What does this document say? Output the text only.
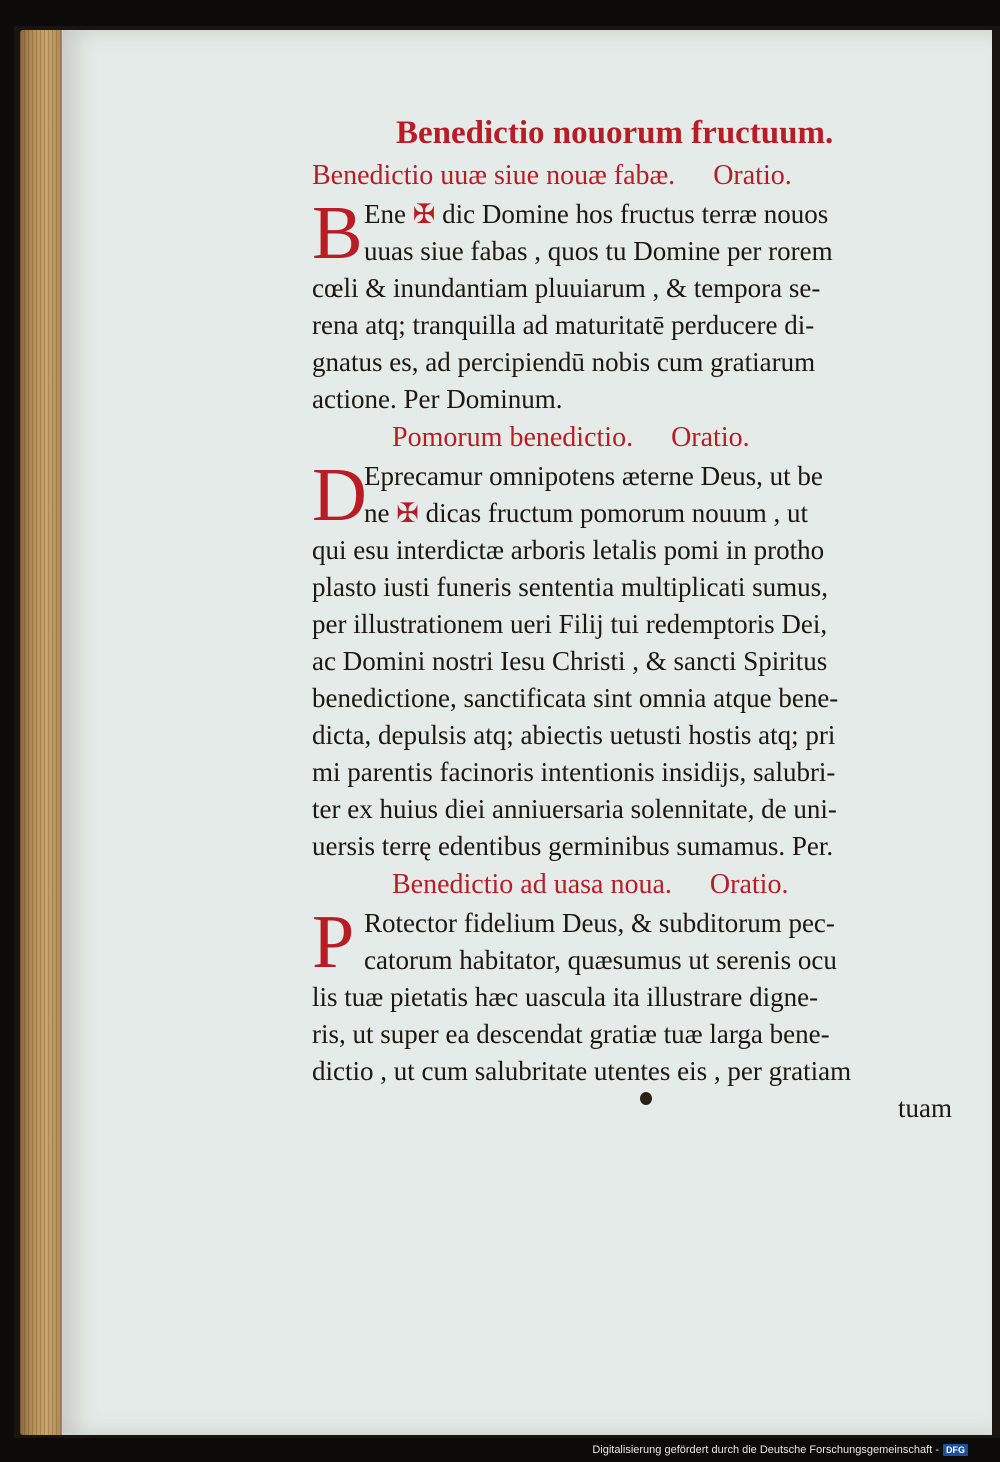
Benedictio nouorum fructuum.
Benedictio uuæ siue nouæ fabæ. Oratio.
B Ene ✠ dic Domine hos fructus terræ nouos
uuas siue fabas , quos tu Domine per rorem
cœli & inundantiam pluuiarum , & tempora se-
rena atq; tranquilla ad maturitatē perducere di-
gnatus es, ad percipiendū nobis cum gratiarum
actione. Per Dominum.
Pomorum benedictio. Oratio.
D
Eprecamur omnipotens æterne Deus, ut be
ne ✠ dicas fructum pomorum nouum , ut
qui esu interdictæ arboris letalis pomi in protho
plasto iusti funeris sententia multiplicati sumus,
per illustrationem ueri Filij tui redemptoris Dei,
ac Domini nostri Iesu Christi , & sancti Spiritus
benedictione, sanctificata sint omnia atque bene-
dicta, depulsis atq; abiectis uetusti hostis atq; pri
mi parentis facinoris intentionis insidijs, salubri-
ter ex huius diei anniuersaria solennitate, de uni-
uersis terrę edentibus germinibus sumamus. Per.
Benedictio ad uasa noua. Oratio.
P Rotector fidelium Deus, & subditorum pec-
catorum habitator, quæsumus ut serenis ocu
lis tuæ pietatis hæc uascula ita illustrare digne-
ris, ut super ea descendat gratiæ tuæ larga bene-
dictio , ut cum salubritate utentes eis , per gratiam
tuam
Digitalisierung gefördert durch die Deutsche Forschungsgemeinschaft - DFG
